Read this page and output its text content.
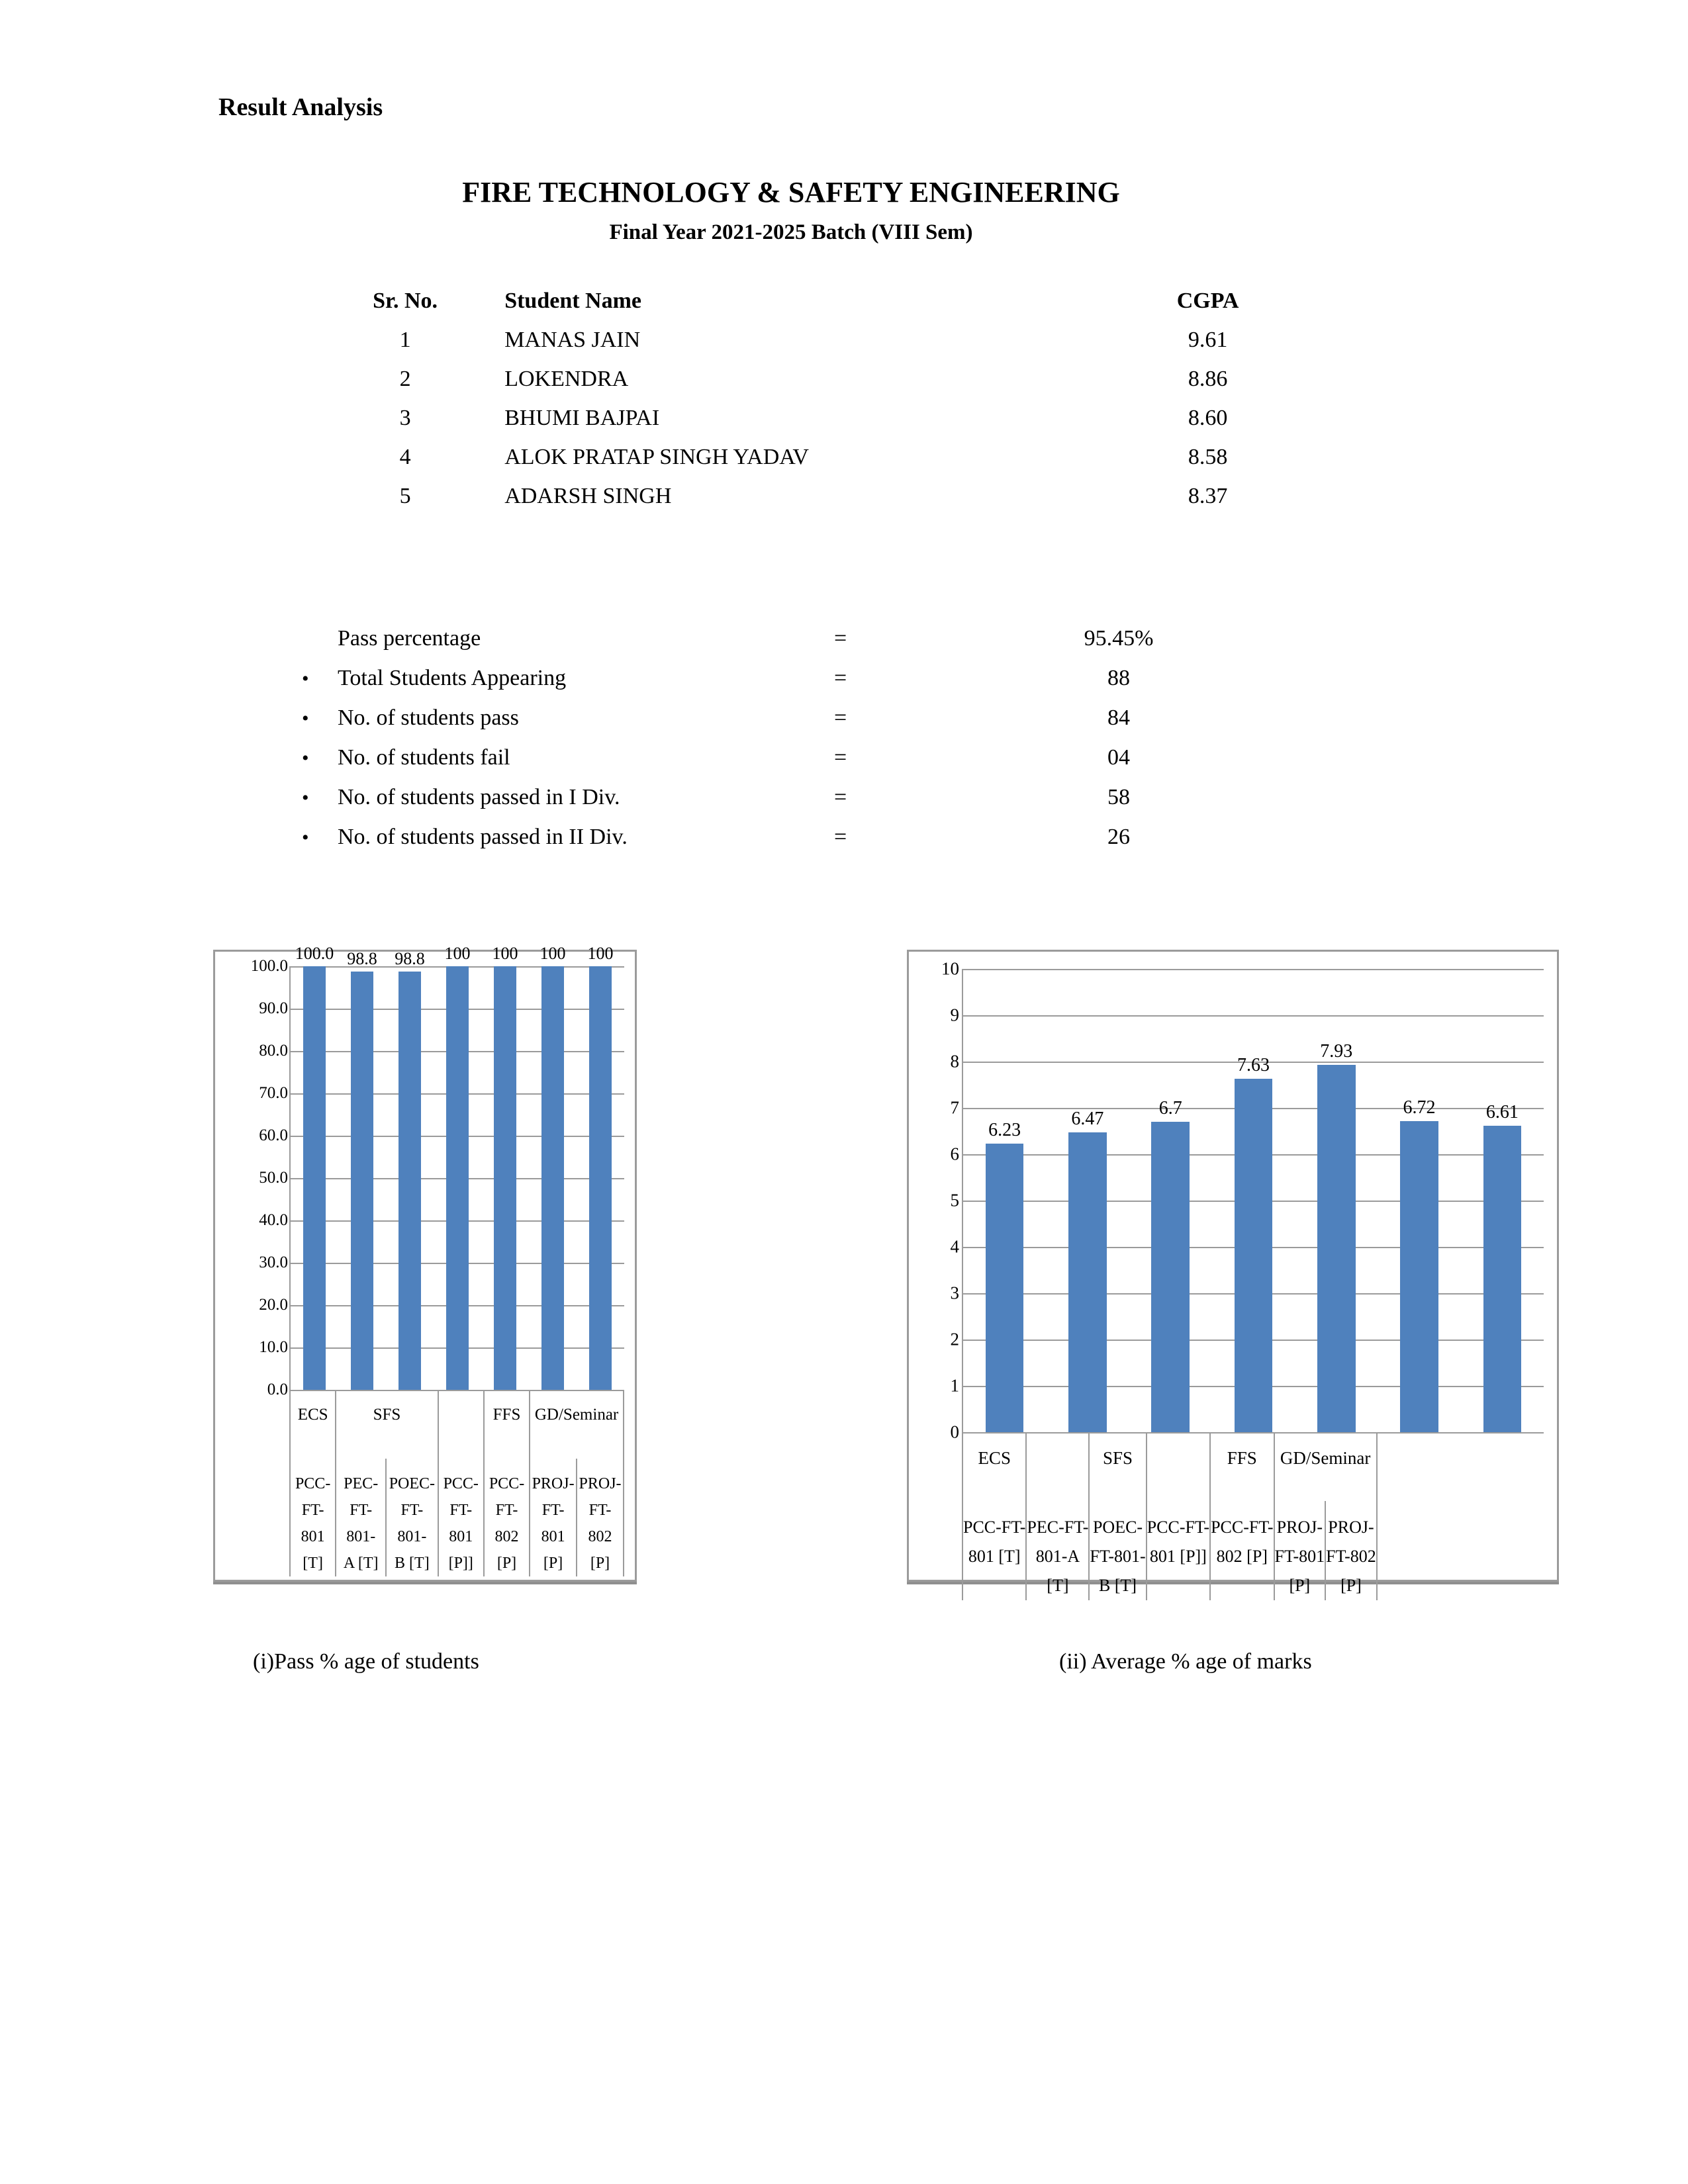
Result Analysis
FIRE TECHNOLOGY & SAFETY ENGINEERING
Final Year 2021-2025 Batch (VIII Sem)
Sr. No.	Student Name	CGPA
1	MANAS JAIN	9.61
2	LOKENDRA	8.86
3	BHUMI BAJPAI	8.60
4	ALOK PRATAP SINGH YADAV	8.58
5	ADARSH SINGH	8.37
Pass percentage	=	95.45%
•	Total Students Appearing	=	88
•	No. of students pass	=	84
•	No. of students fail	=	04
•	No. of students passed in I Div.	=	58
•	No. of students passed in II Div.	=	26
0.0
10.0
20.0
30.0
40.0
50.0
60.0
70.0
80.0
90.0
100.0
100.0 98.8	98.8	100	100	100	100
ECS	SFS			FFS	GD/Seminar	

PCC-
FT-801
[T]

PEC-
FT-801-
A [T]

POEC-
FT-801-
B [T]

PCC-
FT-801
[P]]

PCC-
FT-802
[P]

PROJ-
FT-801
[P]

PROJ-
FT-802
[P]
0
1
2
3
4
5
6
7
8
9
10
6.23
6.47
6.7
7.63
7.93
6.72	6.61
ECS		SFS		FFS	GD/Seminar	

PCC-FT-
801 [T]

PEC-FT-
801-A
[T]

POEC-
FT-801-
B [T]

PCC-FT-
801 [P]]

PCC-FT-
802 [P]

PROJ-
FT-801
[P]

PROJ-
FT-802
[P]
(i)Pass % age of students	(ii) Average % age of marks
